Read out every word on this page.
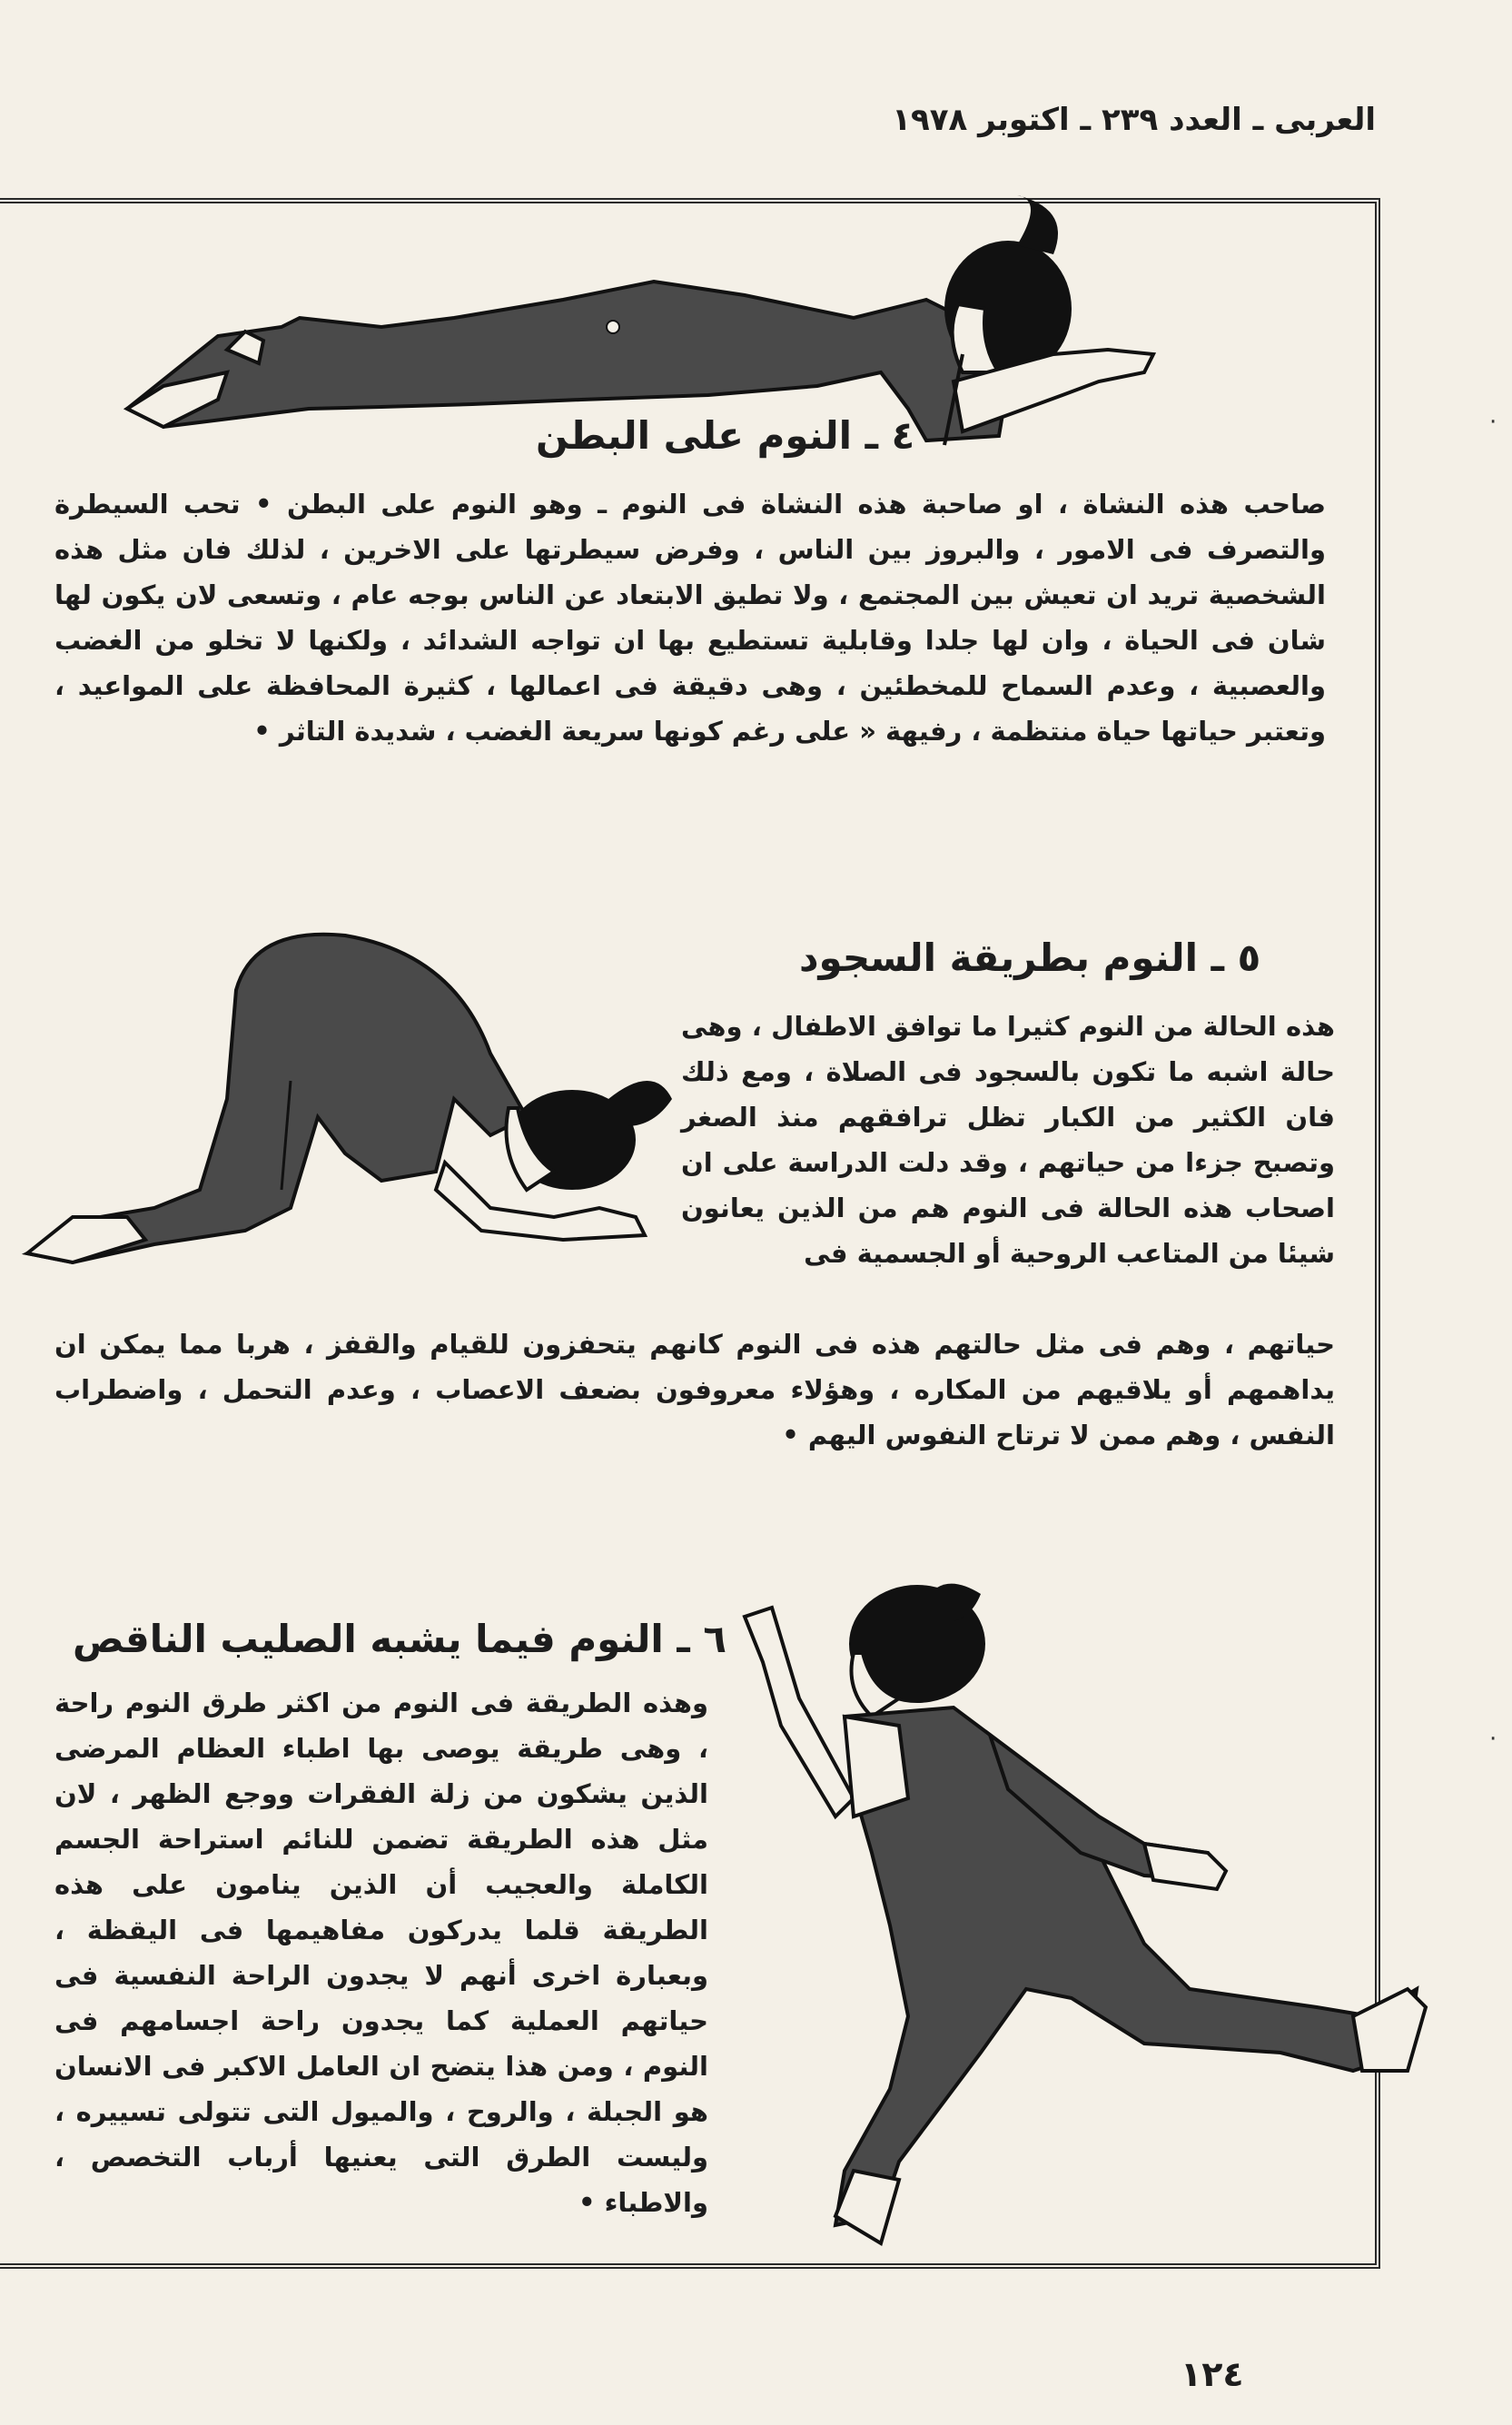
العربى ـ العدد ٢٣٩ ـ اكتوبر ١٩٧٨
·
·
٤ ـ النوم على البطن
صاحب هذه النشاة ، او صاحبة هذه النشاة فى النوم ـ وهو النوم على البطن • تحب السيطرة والتصرف فى الامور ، والبروز بين الناس ، وفرض سيطرتها على الاخرين ، لذلك فان مثل هذه الشخصية تريد ان تعيش بين المجتمع ، ولا تطيق الابتعاد عن الناس بوجه عام ، وتسعى لان يكون لها شان فى الحياة ، وان لها جلدا وقابلية تستطيع بها ان تواجه الشدائد ، ولكنها لا تخلو من الغضب والعصبية ، وعدم السماح للمخطئين ، وهى دقيقة فى اعمالها ، كثيرة المحافظة على المواعيد ، وتعتبر حياتها حياة منتظمة ، رفيهة « على رغم كونها سريعة الغضب ، شديدة التاثر •
٥ ـ النوم بطريقة السجود
هذه الحالة من النوم كثيرا ما توافق الاطفال ، وهى حالة اشبه ما تكون بالسجود فى الصلاة ، ومع ذلك فان الكثير من الكبار تظل ترافقهم منذ الصغر وتصبح جزءا من حياتهم ، وقد دلت الدراسة على ان اصحاب هذه الحالة فى النوم هم من الذين يعانون شيئا من المتاعب الروحية أو الجسمية فى
حياتهم ، وهم فى مثل حالتهم هذه فى النوم كانهم يتحفزون للقيام والقفز ، هربا مما يمكن ان يداهمهم أو يلاقيهم من المكاره ، وهؤلاء معروفون بضعف الاعصاب ، وعدم التحمل ، واضطراب النفس ، وهم ممن لا ترتاح النفوس اليهم •
٦ ـ النوم فيما يشبه الصليب الناقص
وهذه الطريقة فى النوم من اكثر طرق النوم راحة ، وهى طريقة يوصى بها اطباء العظام المرضى الذين يشكون من زلة الفقرات ووجع الظهر ، لان مثل هذه الطريقة تضمن للنائم استراحة الجسم الكاملة والعجيب أن الذين ينامون على هذه الطريقة قلما يدركون مفاهيمها فى اليقظة ، وبعبارة اخرى أنهم لا يجدون الراحة النفسية فى حياتهم العملية كما يجدون راحة اجسامهم فى النوم ، ومن هذا يتضح ان العامل الاكبر فى الانسان هو الجبلة ، والروح ، والميول التى تتولى تسييره ، وليست الطرق التى يعنيها أرباب التخصص ، والاطباء •
١٢٤
